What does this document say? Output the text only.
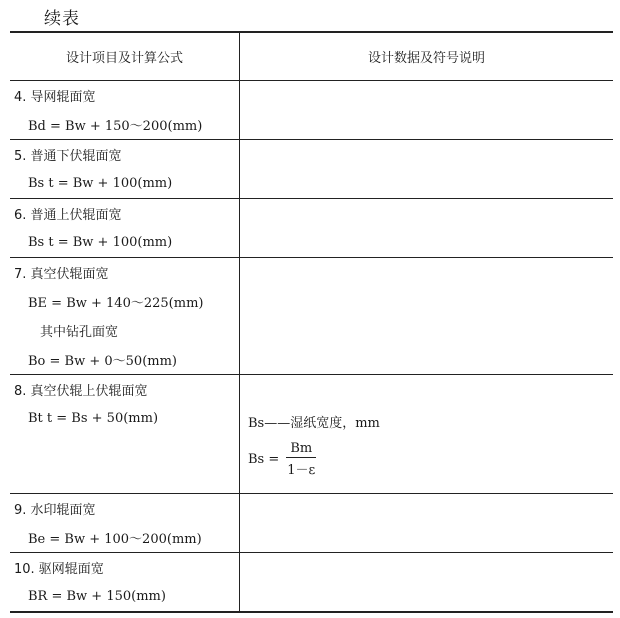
续表
设计项目及计算公式	设计数据及符号说明
4. 导网辊面宽
Bd = Bw + 150～200(mm)
5. 普通下伏辊面宽
Bs t = Bw + 100(mm)
6. 普通上伏辊面宽
Bs t = Bw + 100(mm)
7. 真空伏辊面宽
BE = Bw + 140～225(mm)
其中钻孔面宽
Bo = Bw + 0～50(mm)
8. 真空伏辊上伏辊面宽
Bt t = Bs + 50(mm)	Bs——湿纸宽度，mm
$Bs = \frac{Bm}{1-\varepsilon}$
9. 水印辊面宽
Be = Bw + 100～200(mm)
10. 驱网辊面宽
BR = Bw + 150(mm)
